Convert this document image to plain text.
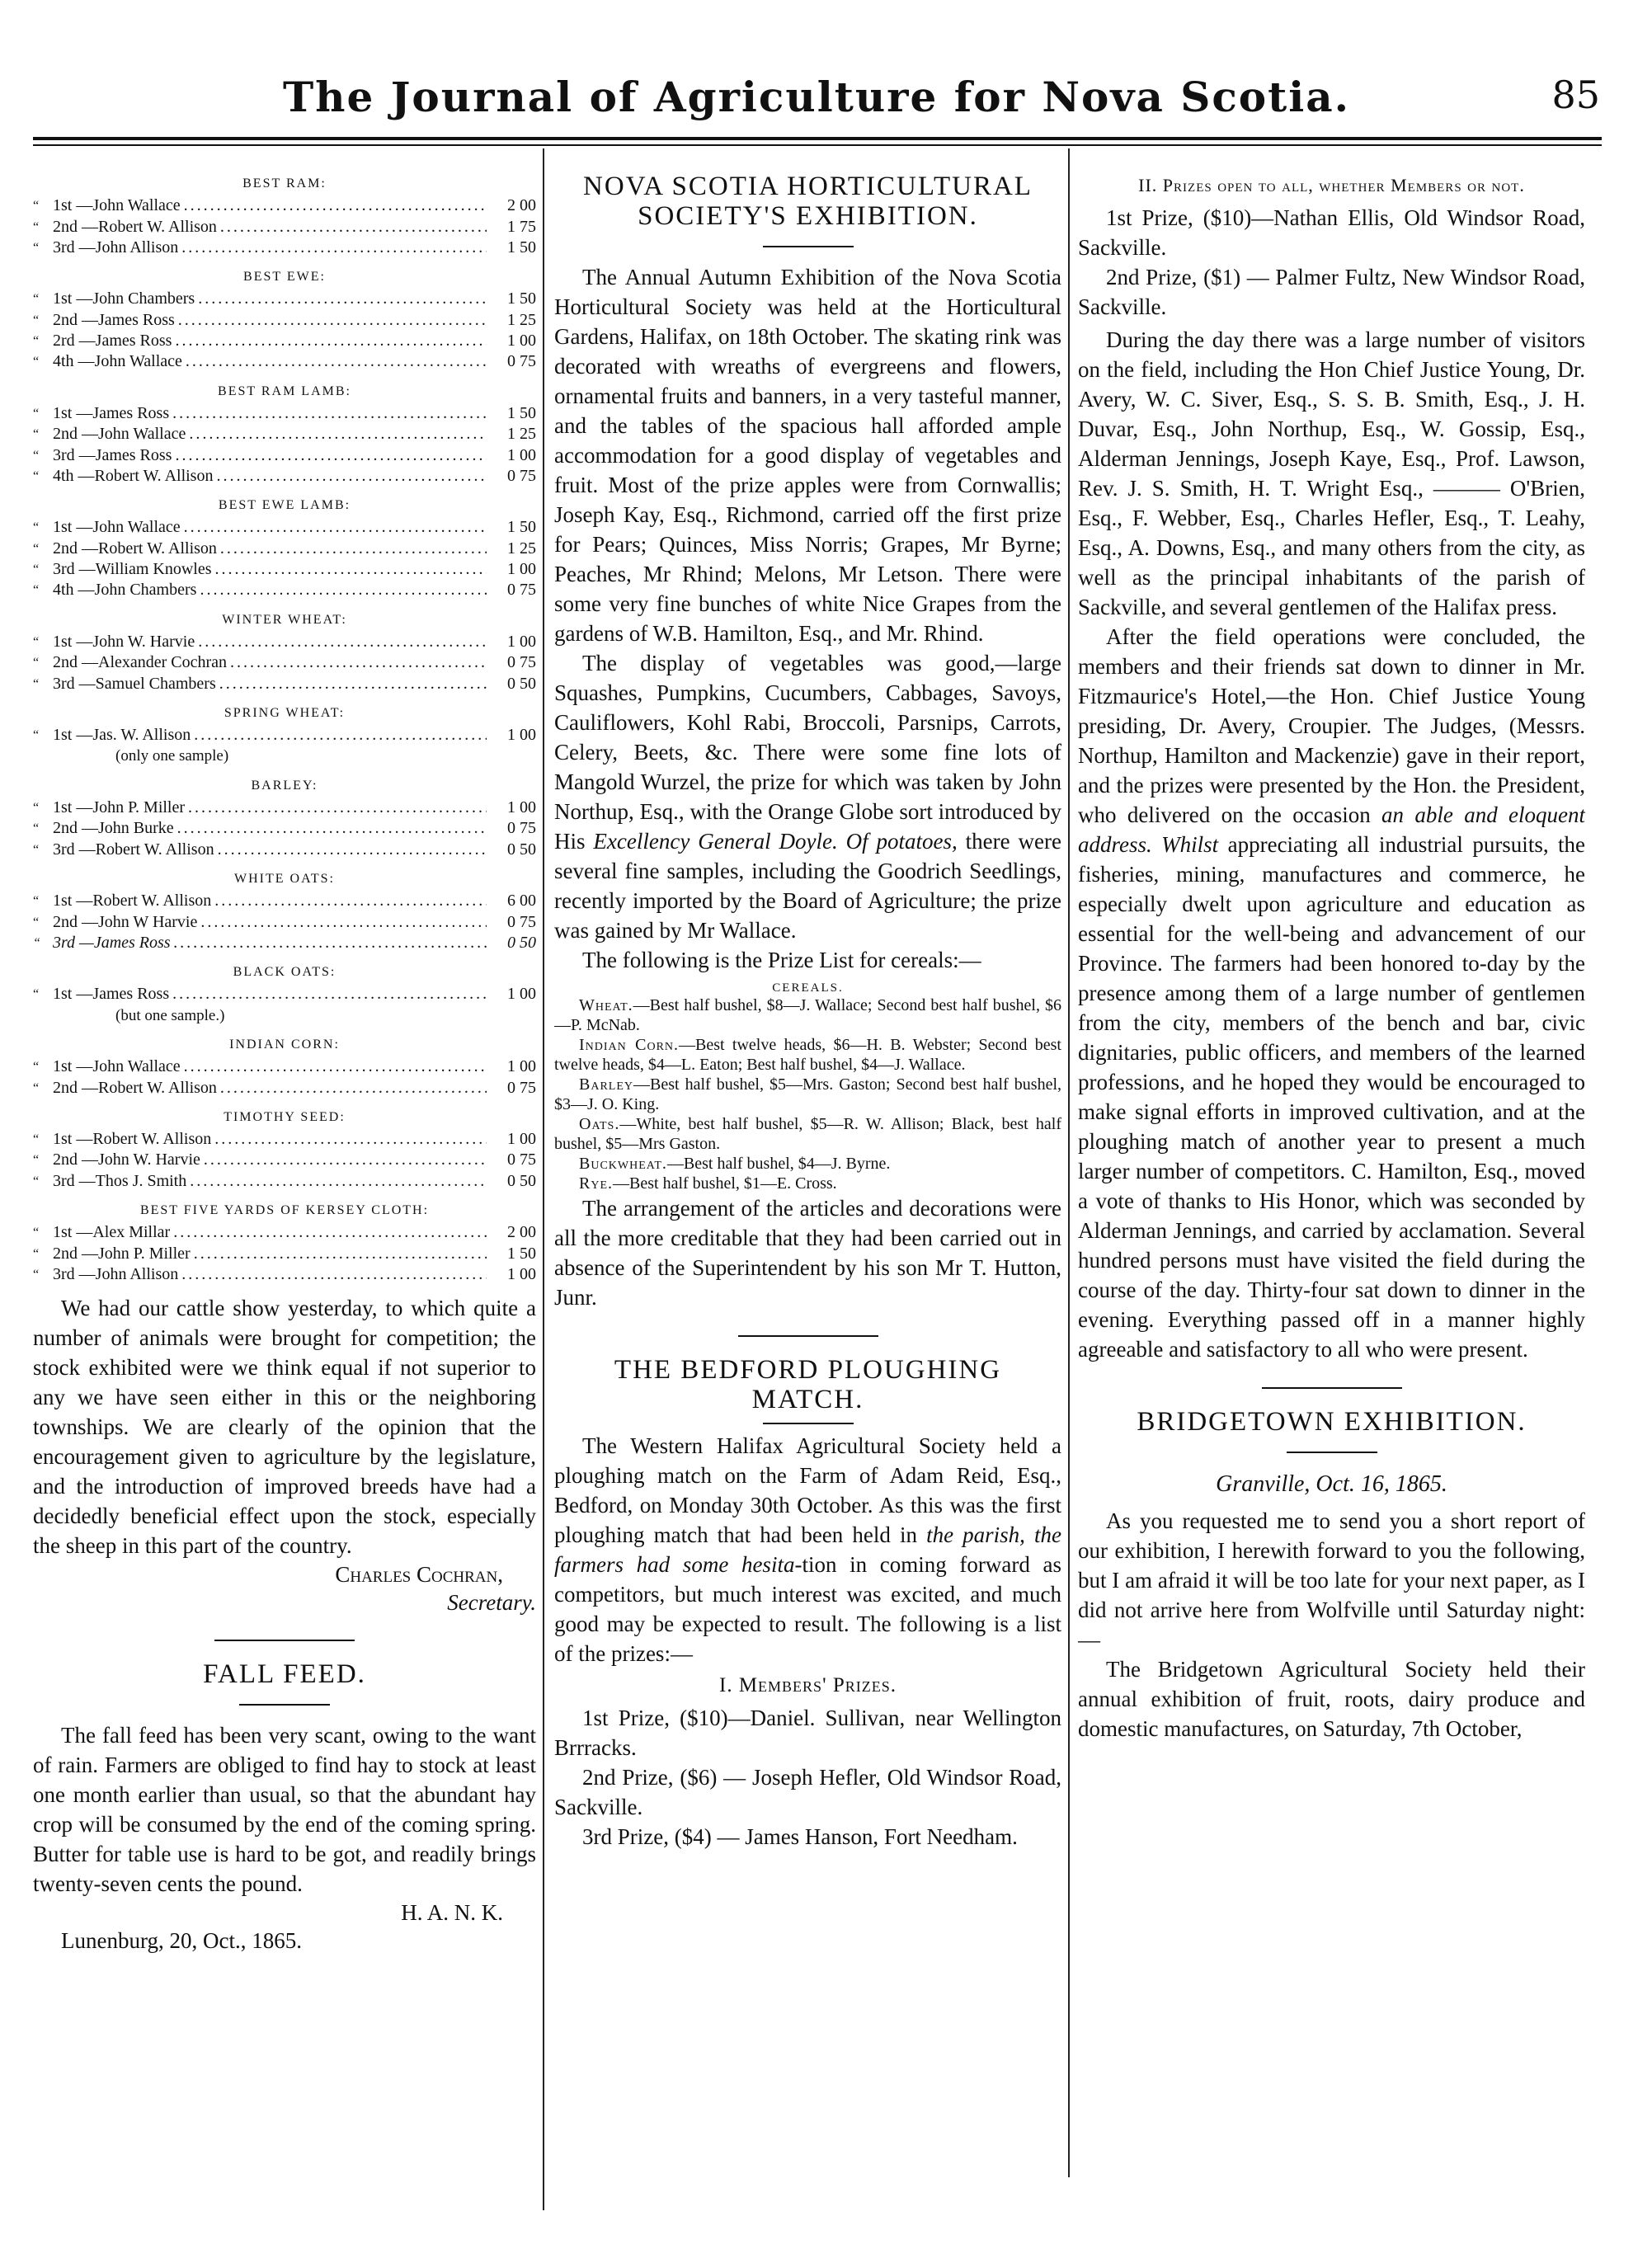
The Journal of Agriculture for Nova Scotia.	85
BEST RAM:
“ 1st —John Wallace . . .	2 00
“ 2nd —Robert W. Allison . . .	1 75
“ 3rd —John Allison . . .	1 50
BEST EWE:
“ 1st —John Chambers . . .	1 50
“ 2nd —James Ross . . .	1 25
“ 2rd —James Ross . . .	1 00
“ 4th —John Wallace . . .	0 75
BEST RAM LAMB:
“ 1st —James Ross . . .	1 50
“ 2nd —John Wallace . . .	1 25
“ 3rd —James Ross . . .	1 00
“ 4th —Robert W. Allison . . .	0 75
BEST EWE LAMB:
“ 1st —John Wallace . . .	1 50
“ 2nd —Robert W. Allison . . .	1 25
“ 3rd —William Knowles . . .	1 00
“ 4th —John Chambers . . .	0 75
WINTER WHEAT:
“ 1st —John W. Harvie . . .	1 00
“ 2nd —Alexander Cochran . . .	0 75
“ 3rd —Samuel Chambers . . .	0 50
SPRING WHEAT:
“ 1st —Jas. W. Allison . . .	1 00
(only one sample)
BARLEY:
“ 1st —John P. Miller . . .	1 00
“ 2nd —John Burke . . .	0 75
“ 3rd —Robert W. Allison . . .	0 50
WHITE OATS:
“ 1st —Robert W. Allison . . .	6 00
“ 2nd —John W Harvie . . .	0 75
“ 3rd —James Ross . . .	0 50
BLACK OATS:
“ 1st —James Ross . . .	1 00
(but one sample.)
INDIAN CORN:
“ 1st —John Wallace . . .	1 00
“ 2nd —Robert W. Allison . . .	0 75
TIMOTHY SEED:
“ 1st —Robert W. Allison . . .	1 00
“ 2nd —John W. Harvie . . .	0 75
“ 3rd —Thos J. Smith . . .	0 50
BEST FIVE YARDS OF KERSEY CLOTH:
“ 1st —Alex Millar . . .	2 00
“ 2nd —John P. Miller . . .	1 50
“ 3rd —John Allison . . .	1 00

We had our cattle show yesterday, to which quite a number of animals were brought for competition; the stock exhibited were we think equal if not superior to any we have seen either in this or the neighboring townships. We are clearly of the opinion that the encouragement given to agriculture by the legislature, and the introduction of improved breeds have had a decidedly beneficial effect upon the stock, especially the sheep in this part of the country.

Charles Cochran,
Secretary.
FALL FEED.

The fall feed has been very scant, owing to the want of rain. Farmers are obliged to find hay to stock at least one month earlier than usual, so that the abundant hay crop will be consumed by the end of the coming spring. Butter for table use is hard to be got, and readily brings twenty-seven cents the pound.

H. A. N. K.
Lunenburg, 20, Oct., 1865.
NOVA SCOTIA HORTICULTURAL SOCIETY'S EXHIBITION.

The Annual Autumn Exhibition of the Nova Scotia Horticultural Society was held at the Horticultural Gardens, Halifax, on 18th October. The skating rink was decorated with wreaths of evergreens and flowers, ornamental fruits and banners, in a very tasteful manner, and the tables of the spacious hall afforded ample accommodation for a good display of vegetables and fruit. Most of the prize apples were from Cornwallis; Joseph Kay, Esq., Richmond, carried off the first prize for Pears; Quinces, Miss Norris; Grapes, Mr Byrne; Peaches, Mr Rhind; Melons, Mr Letson. There were some very fine bunches of white Nice Grapes from the gardens of W.B. Hamilton, Esq., and Mr. Rhind.

The display of vegetables was good,—large Squashes, Pumpkins, Cucumbers, Cabbages, Savoys, Cauliflowers, Kohl Rabi, Broccoli, Parsnips, Carrots, Celery, Beets, &c. There were some fine lots of Mangold Wurzel, the prize for which was taken by John Northup, Esq., with the Orange Globe sort introduced by His Excellency General Doyle. Of potatoes, there were several fine samples, including the Goodrich Seedlings, recently imported by the Board of Agriculture; the prize was gained by Mr Wallace.

The following is the Prize List for cereals:—

CEREALS.

Wheat.—Best half bushel, $8—J. Wallace; Second best half bushel, $6—P. McNab.

Indian Corn.—Best twelve heads, $6—H. B. Webster; Second best twelve heads, $4—L. Eaton; Best half bushel, $4—J. Wallace.

Barley—Best half bushel, $5—Mrs. Gaston; Second best half bushel, $3—J. O. King.

Oats.—White, best half bushel, $5—R. W. Allison; Black, best half bushel, $5—Mrs Gaston.

Buckwheat.—Best half bushel, $4—J. Byrne.

Rye.—Best half bushel, $1—E. Cross.

The arrangement of the articles and decorations were all the more creditable that they had been carried out in absence of the Superintendent by his son Mr T. Hutton, Junr.

THE BEDFORD PLOUGHING MATCH.

The Western Halifax Agricultural Society held a ploughing match on the Farm of Adam Reid, Esq., Bedford, on Monday 30th October. As this was the first ploughing match that had been held in the parish, the farmers had some hesita-tion in coming forward as competitors, but much interest was excited, and much good may be expected to result. The following is a list of the prizes:—

I. Members' Prizes.

1st Prize, ($10)—Daniel. Sullivan, near Wellington Brrracks.

2nd Prize, ($6) — Joseph Hefler, Old Windsor Road, Sackville.

3rd Prize, ($4) — James Hanson, Fort Needham.

II. Prizes open to all, whether Members or not.

1st Prize, ($10)—Nathan Ellis, Old Windsor Road, Sackville.

2nd Prize, ($1) — Palmer Fultz, New Windsor Road, Sackville.

During the day there was a large number of visitors on the field, including the Hon Chief Justice Young, Dr. Avery, W. C. Siver, Esq., S. S. B. Smith, Esq., J. H. Duvar, Esq., John Northup, Esq., W. Gossip, Esq., Alderman Jennings, Joseph Kaye, Esq., Prof. Lawson, Rev. J. S. Smith, H. T. Wright Esq., ——— O'Brien, Esq., F. Webber, Esq., Charles Hefler, Esq., T. Leahy, Esq., A. Downs, Esq., and many others from the city, as well as the principal inhabitants of the parish of Sackville, and several gentlemen of the Halifax press.

After the field operations were concluded, the members and their friends sat down to dinner in Mr. Fitzmaurice's Hotel,—the Hon. Chief Justice Young presiding, Dr. Avery, Croupier. The Judges, (Messrs. Northup, Hamilton and Mackenzie) gave in their report, and the prizes were presented by the Hon. the President, who delivered on the occasion an able and eloquent address. Whilst appreciating all industrial pursuits, the fisheries, mining, manufactures and commerce, he especially dwelt upon agriculture and education as essential for the well-being and advancement of our Province. The farmers had been honored to-day by the presence among them of a large number of gentlemen from the city, members of the bench and bar, civic dignitaries, public officers, and members of the learned professions, and he hoped they would be encouraged to make signal efforts in improved cultivation, and at the ploughing match of another year to present a much larger number of competitors. C. Hamilton, Esq., moved a vote of thanks to His Honor, which was seconded by Alderman Jennings, and carried by acclamation. Several hundred persons must have visited the field during the course of the day. Thirty-four sat down to dinner in the evening. Everything passed off in a manner highly agreeable and satisfactory to all who were present.

BRIDGETOWN EXHIBITION.
Granville, Oct. 16, 1865.

As you requested me to send you a short report of our exhibition, I herewith forward to you the following, but I am afraid it will be too late for your next paper, as I did not arrive here from Wolfville until Saturday night:—

The Bridgetown Agricultural Society held their annual exhibition of fruit, roots, dairy produce and domestic manufactures, on Saturday, 7th October,
